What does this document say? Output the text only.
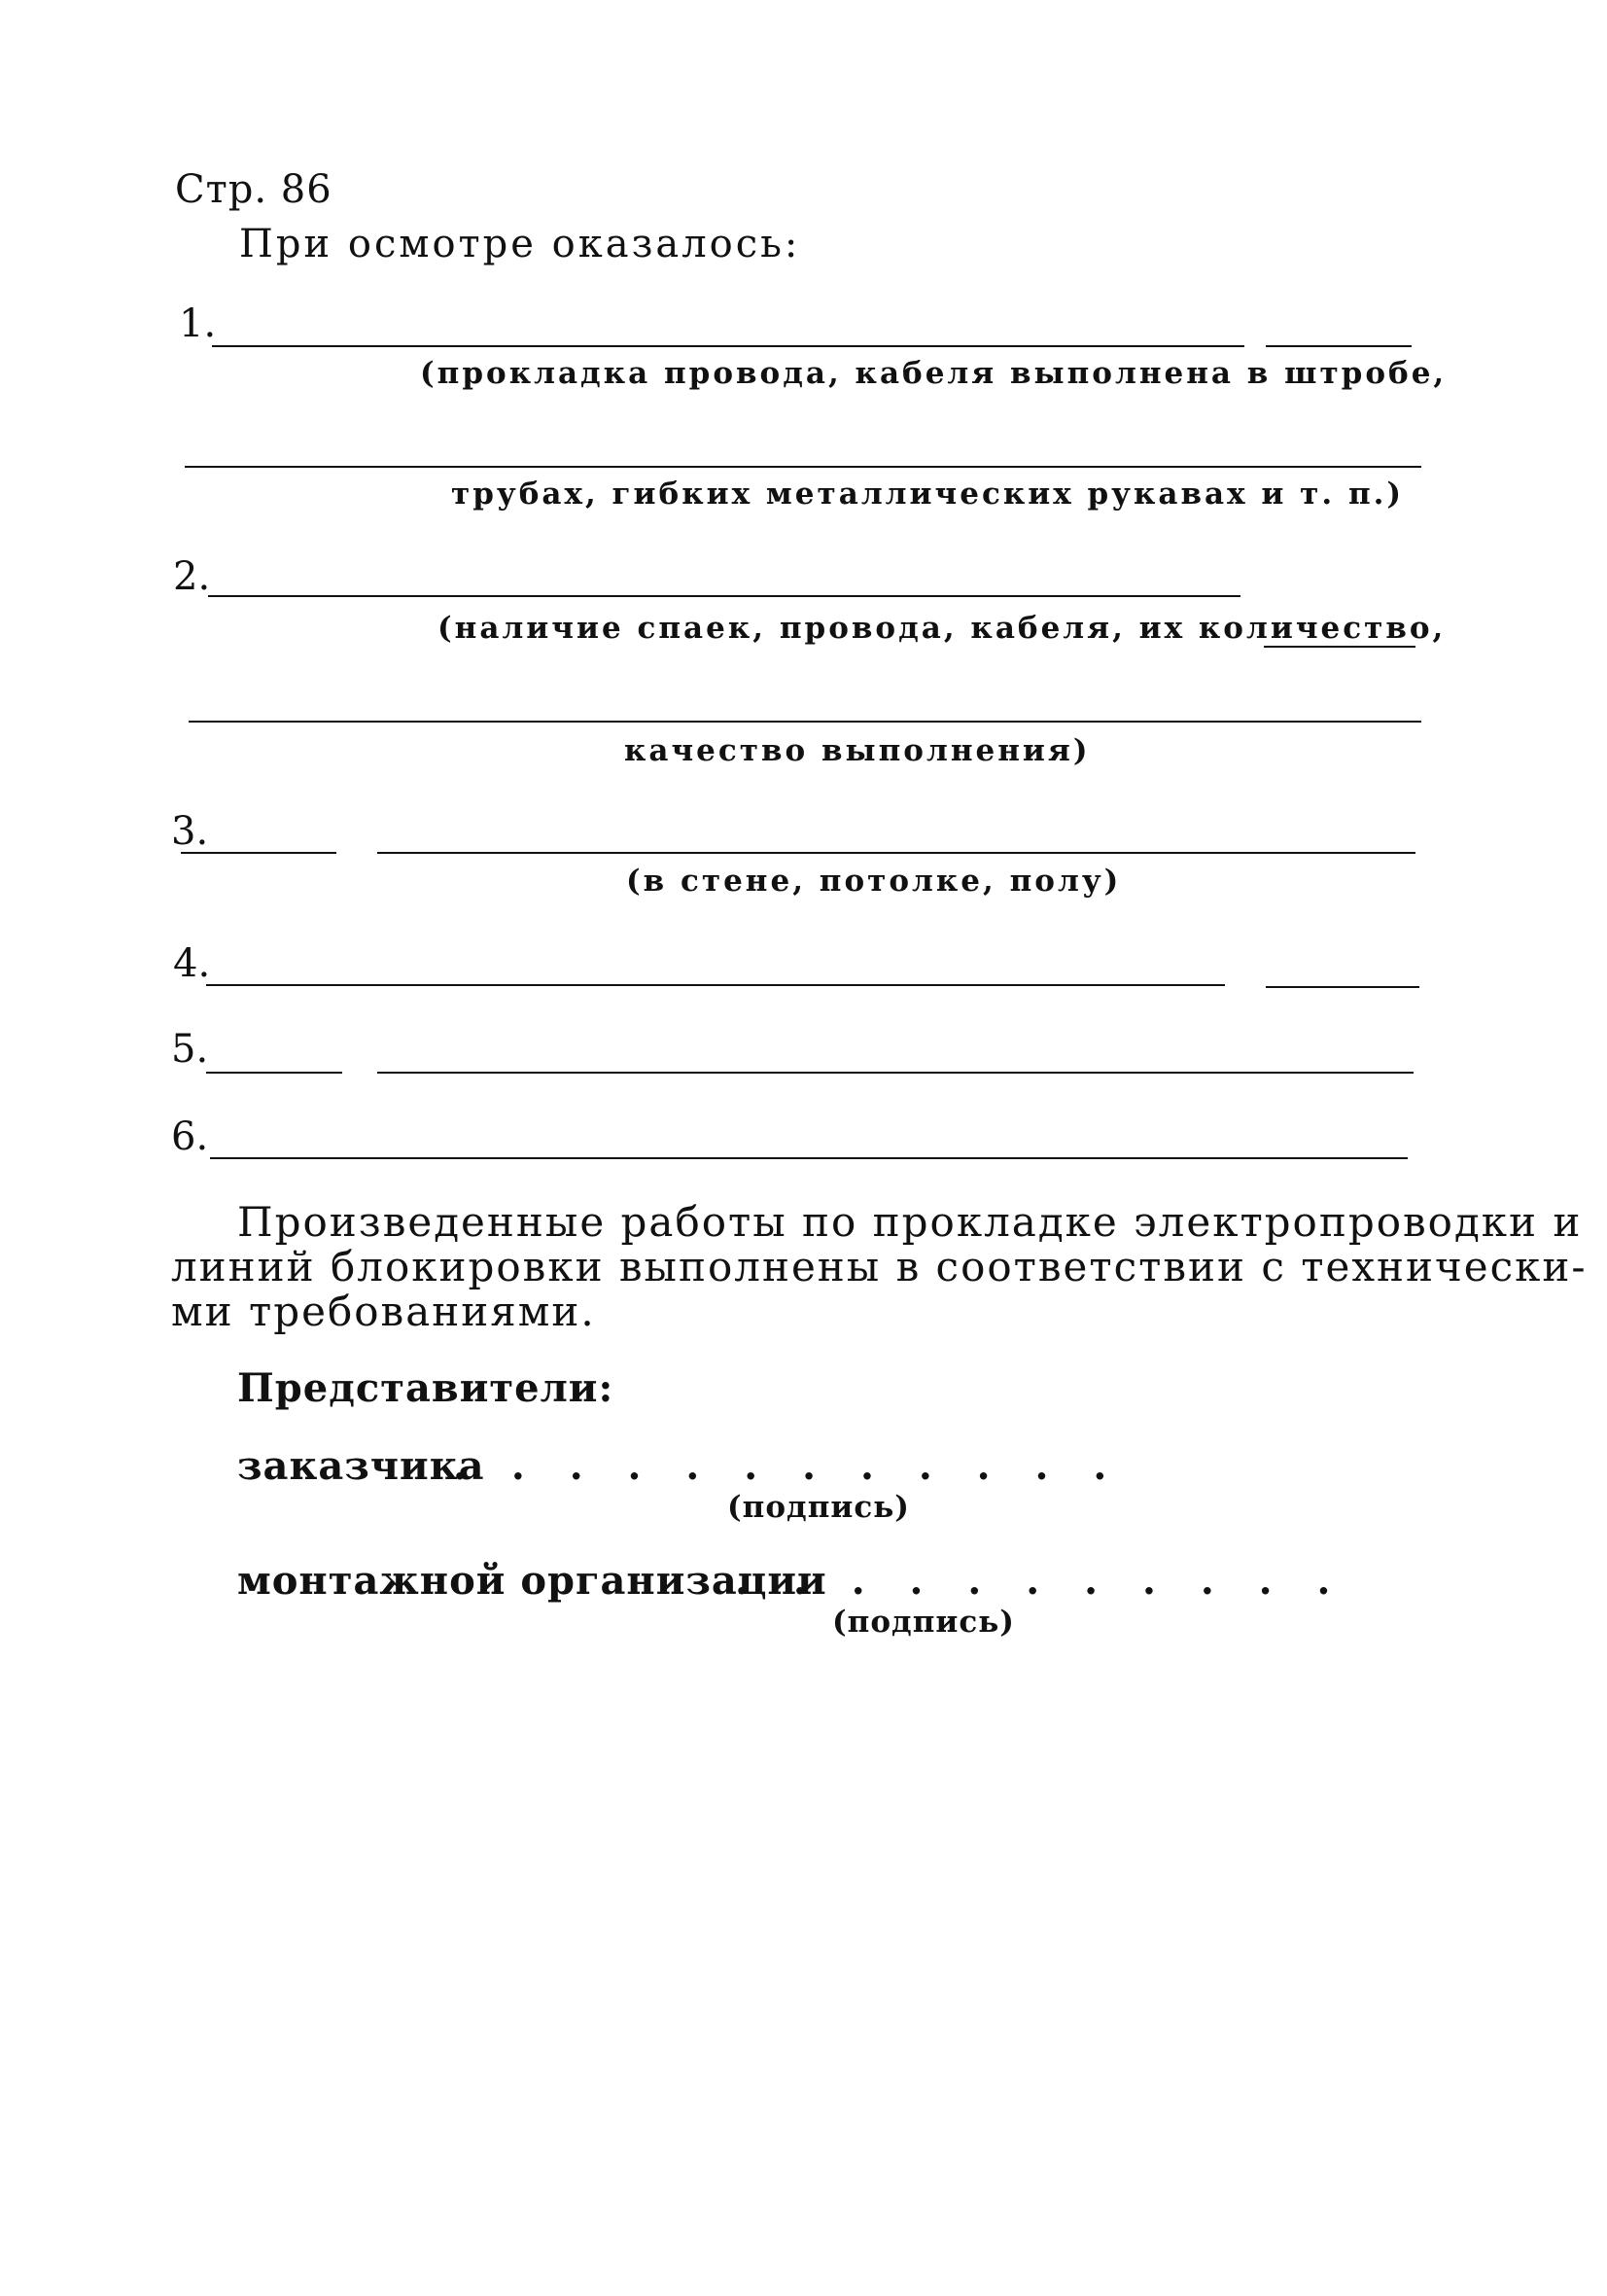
Стр. 86
При осмотре оказалось:
1.
(прокладка провода, кабеля выполнена в штробе,
трубах, гибких металлических рукавах и т. п.)
2.
(наличие спаек, провода, кабеля, их количество,
качество выполнения)
3.
(в стене, потолке, полу)
4.
5.
6.
Произведенные работы по прокладке электропроводки и
линий блокировки выполнены в соответствии с технически-
ми требованиями.
Представители:
заказчика
. . . . . . . . . . . .
(подпись)
монтажной организации
. . . . . . . . . . .
(подпись)
